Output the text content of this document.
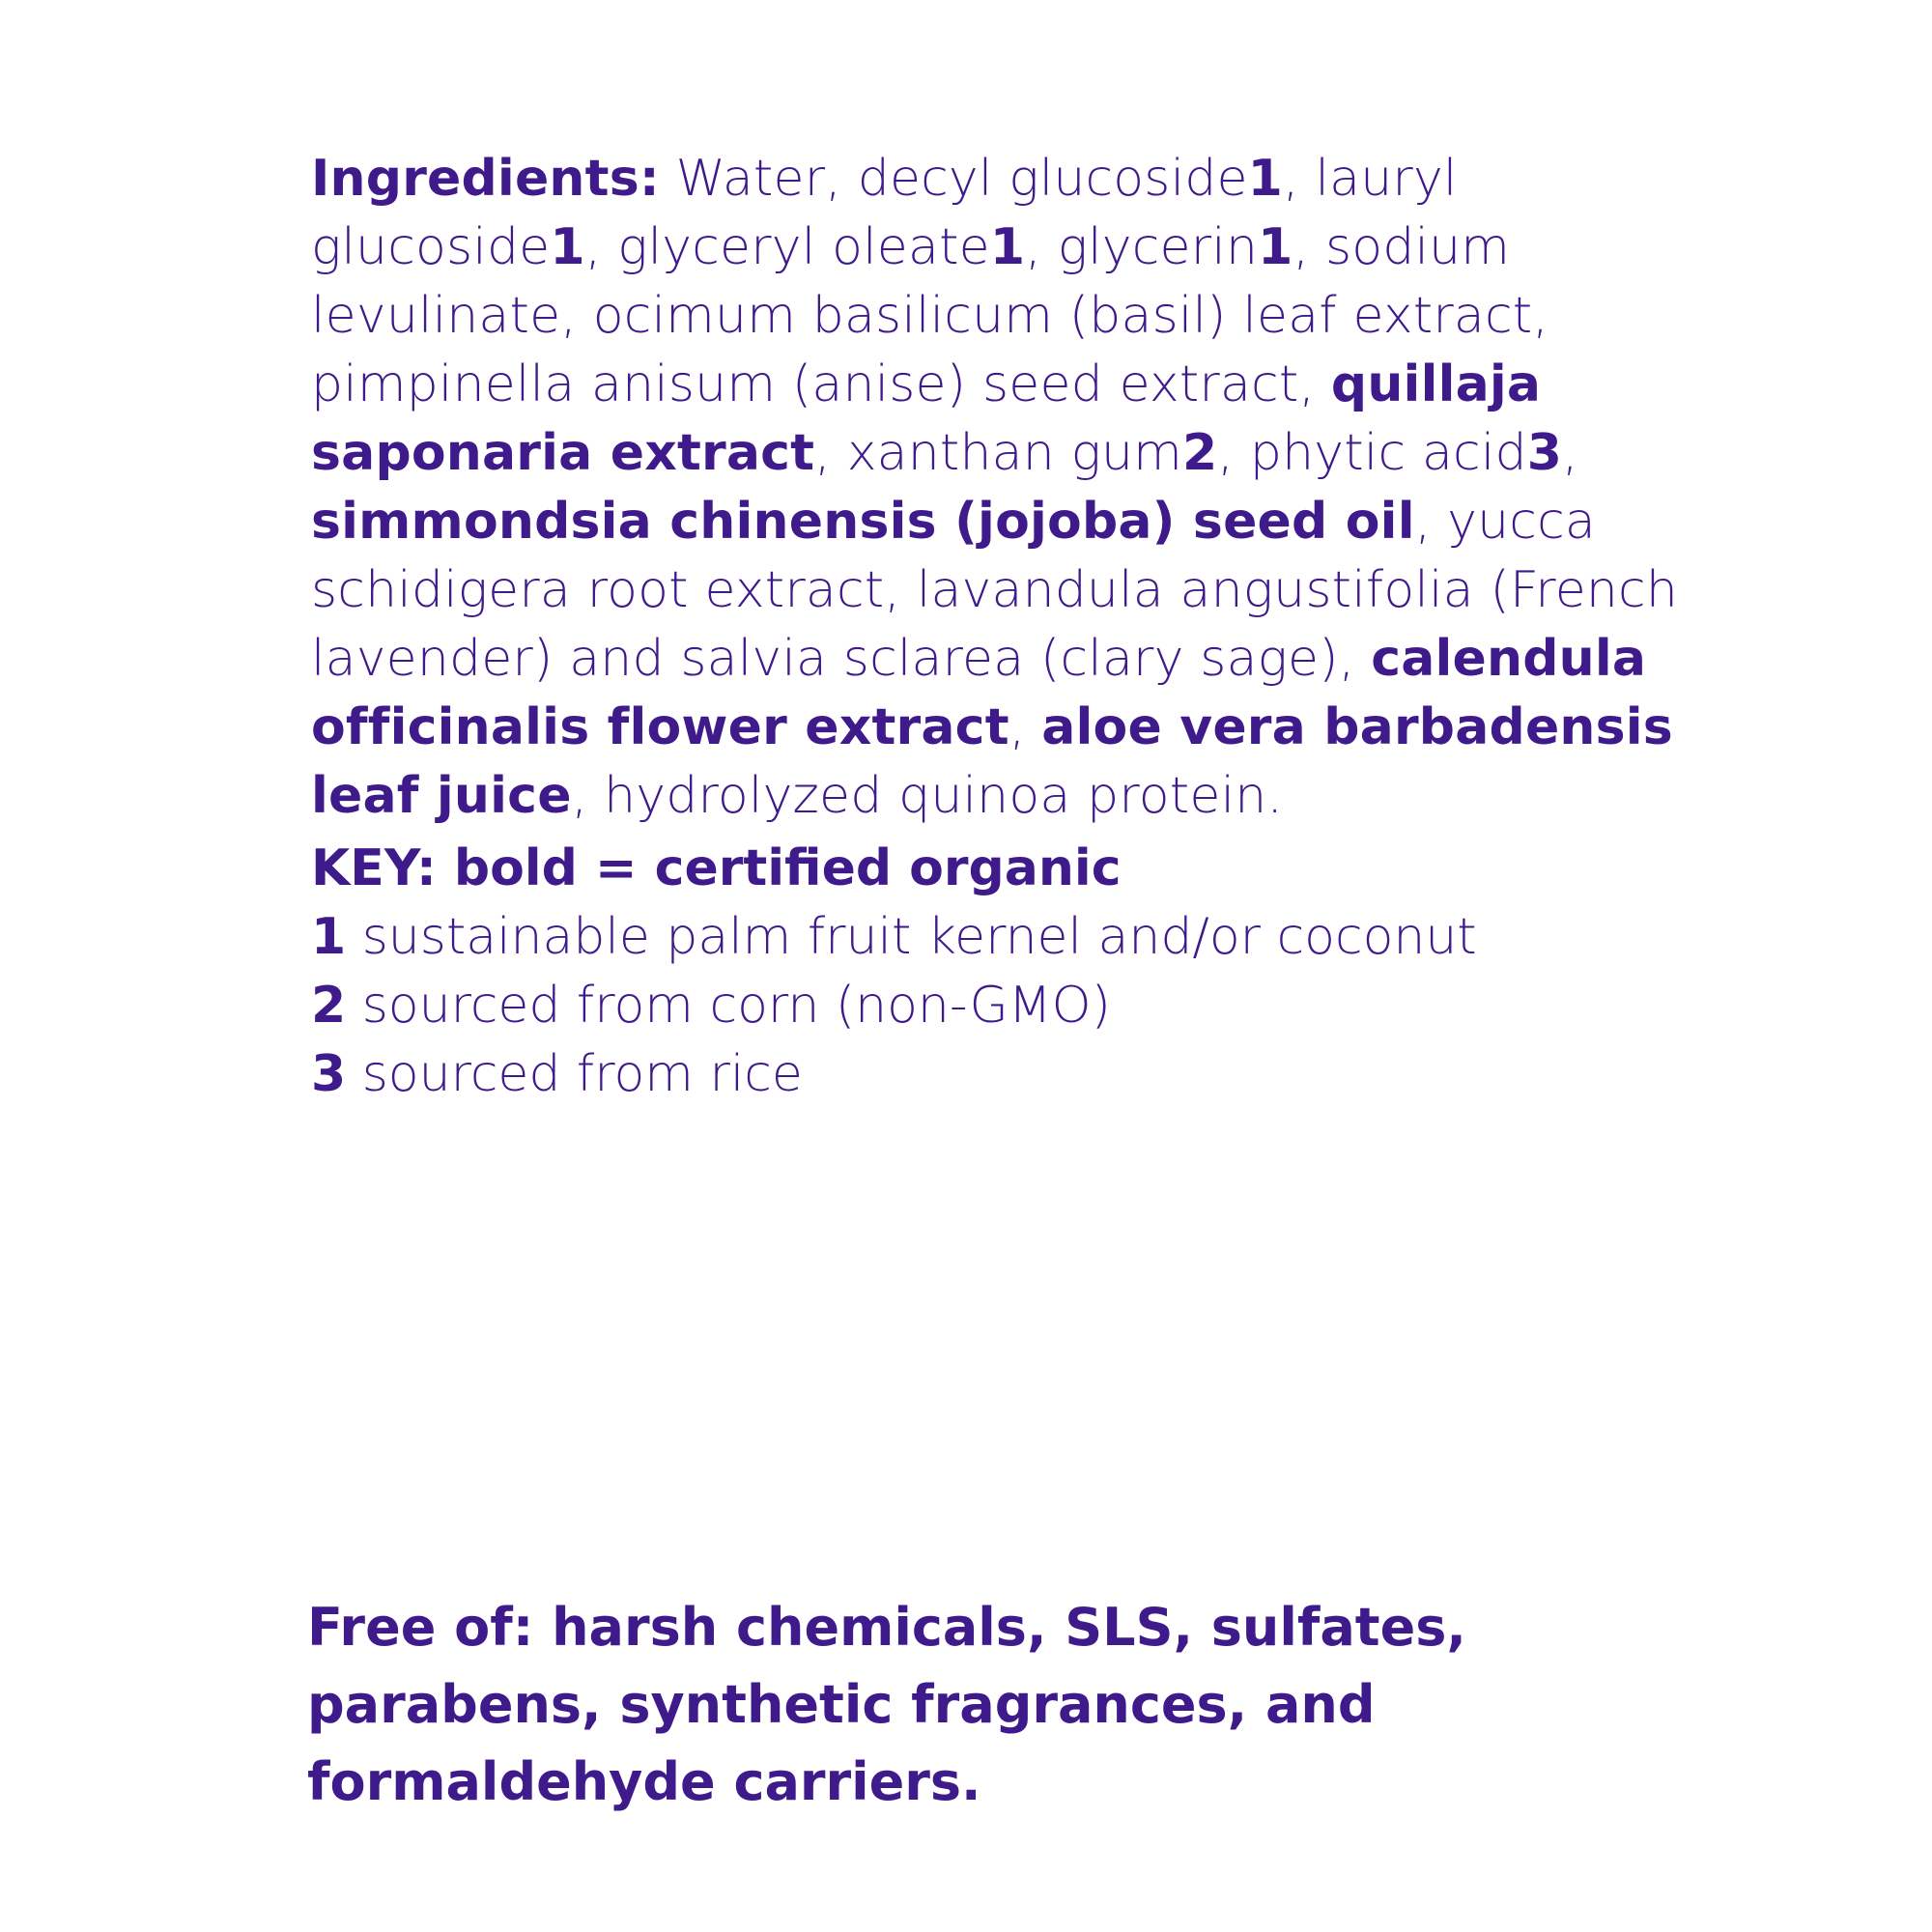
Ingredients: Water, decyl glucoside1, lauryl glucoside1, glyceryl oleate1, glycerin1, sodium levulinate, ocimum basilicum (basil) leaf extract, pimpinella anisum (anise) seed extract, quillaja saponaria extract, xanthan gum2, phytic acid3, simmondsia chinensis (jojoba) seed oil, yucca schidigera root extract, lavandula angustifolia (French lavender) and salvia sclarea (clary sage), calendula officinalis flower extract, aloe vera barbadensis leaf juice, hydrolyzed quinoa protein.
KEY: bold = certified organic
1 sustainable palm fruit kernel and/or coconut
2 sourced from corn (non-GMO)
3 sourced from rice
Free of: harsh chemicals, SLS, sulfates, parabens, synthetic fragrances, and formaldehyde carriers.
